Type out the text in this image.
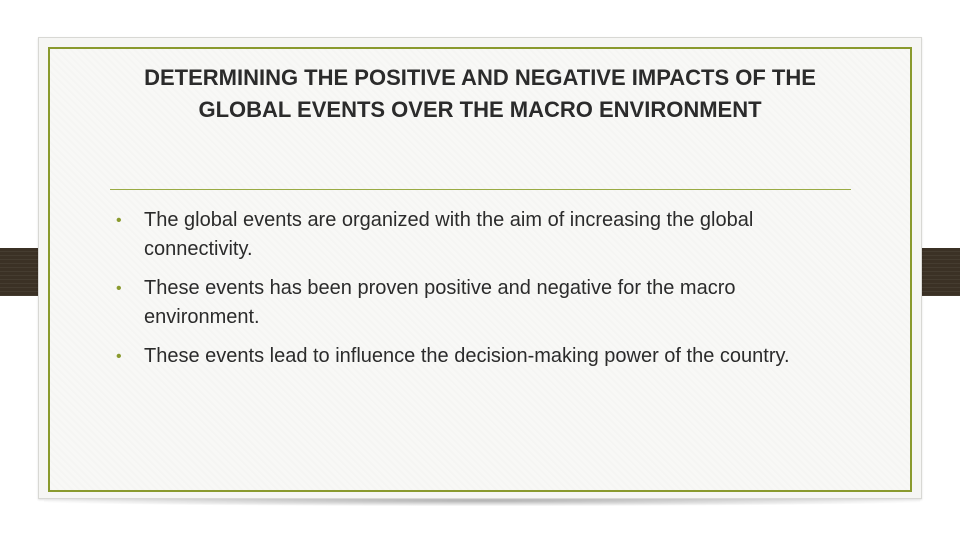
DETERMINING THE POSITIVE AND NEGATIVE IMPACTS OF THE GLOBAL EVENTS OVER THE MACRO ENVIRONMENT
• The global events are organized with the aim of increasing the global connectivity.
• These events has been proven positive and negative for the macro environment.
• These events lead to influence the decision-making power of the country.
